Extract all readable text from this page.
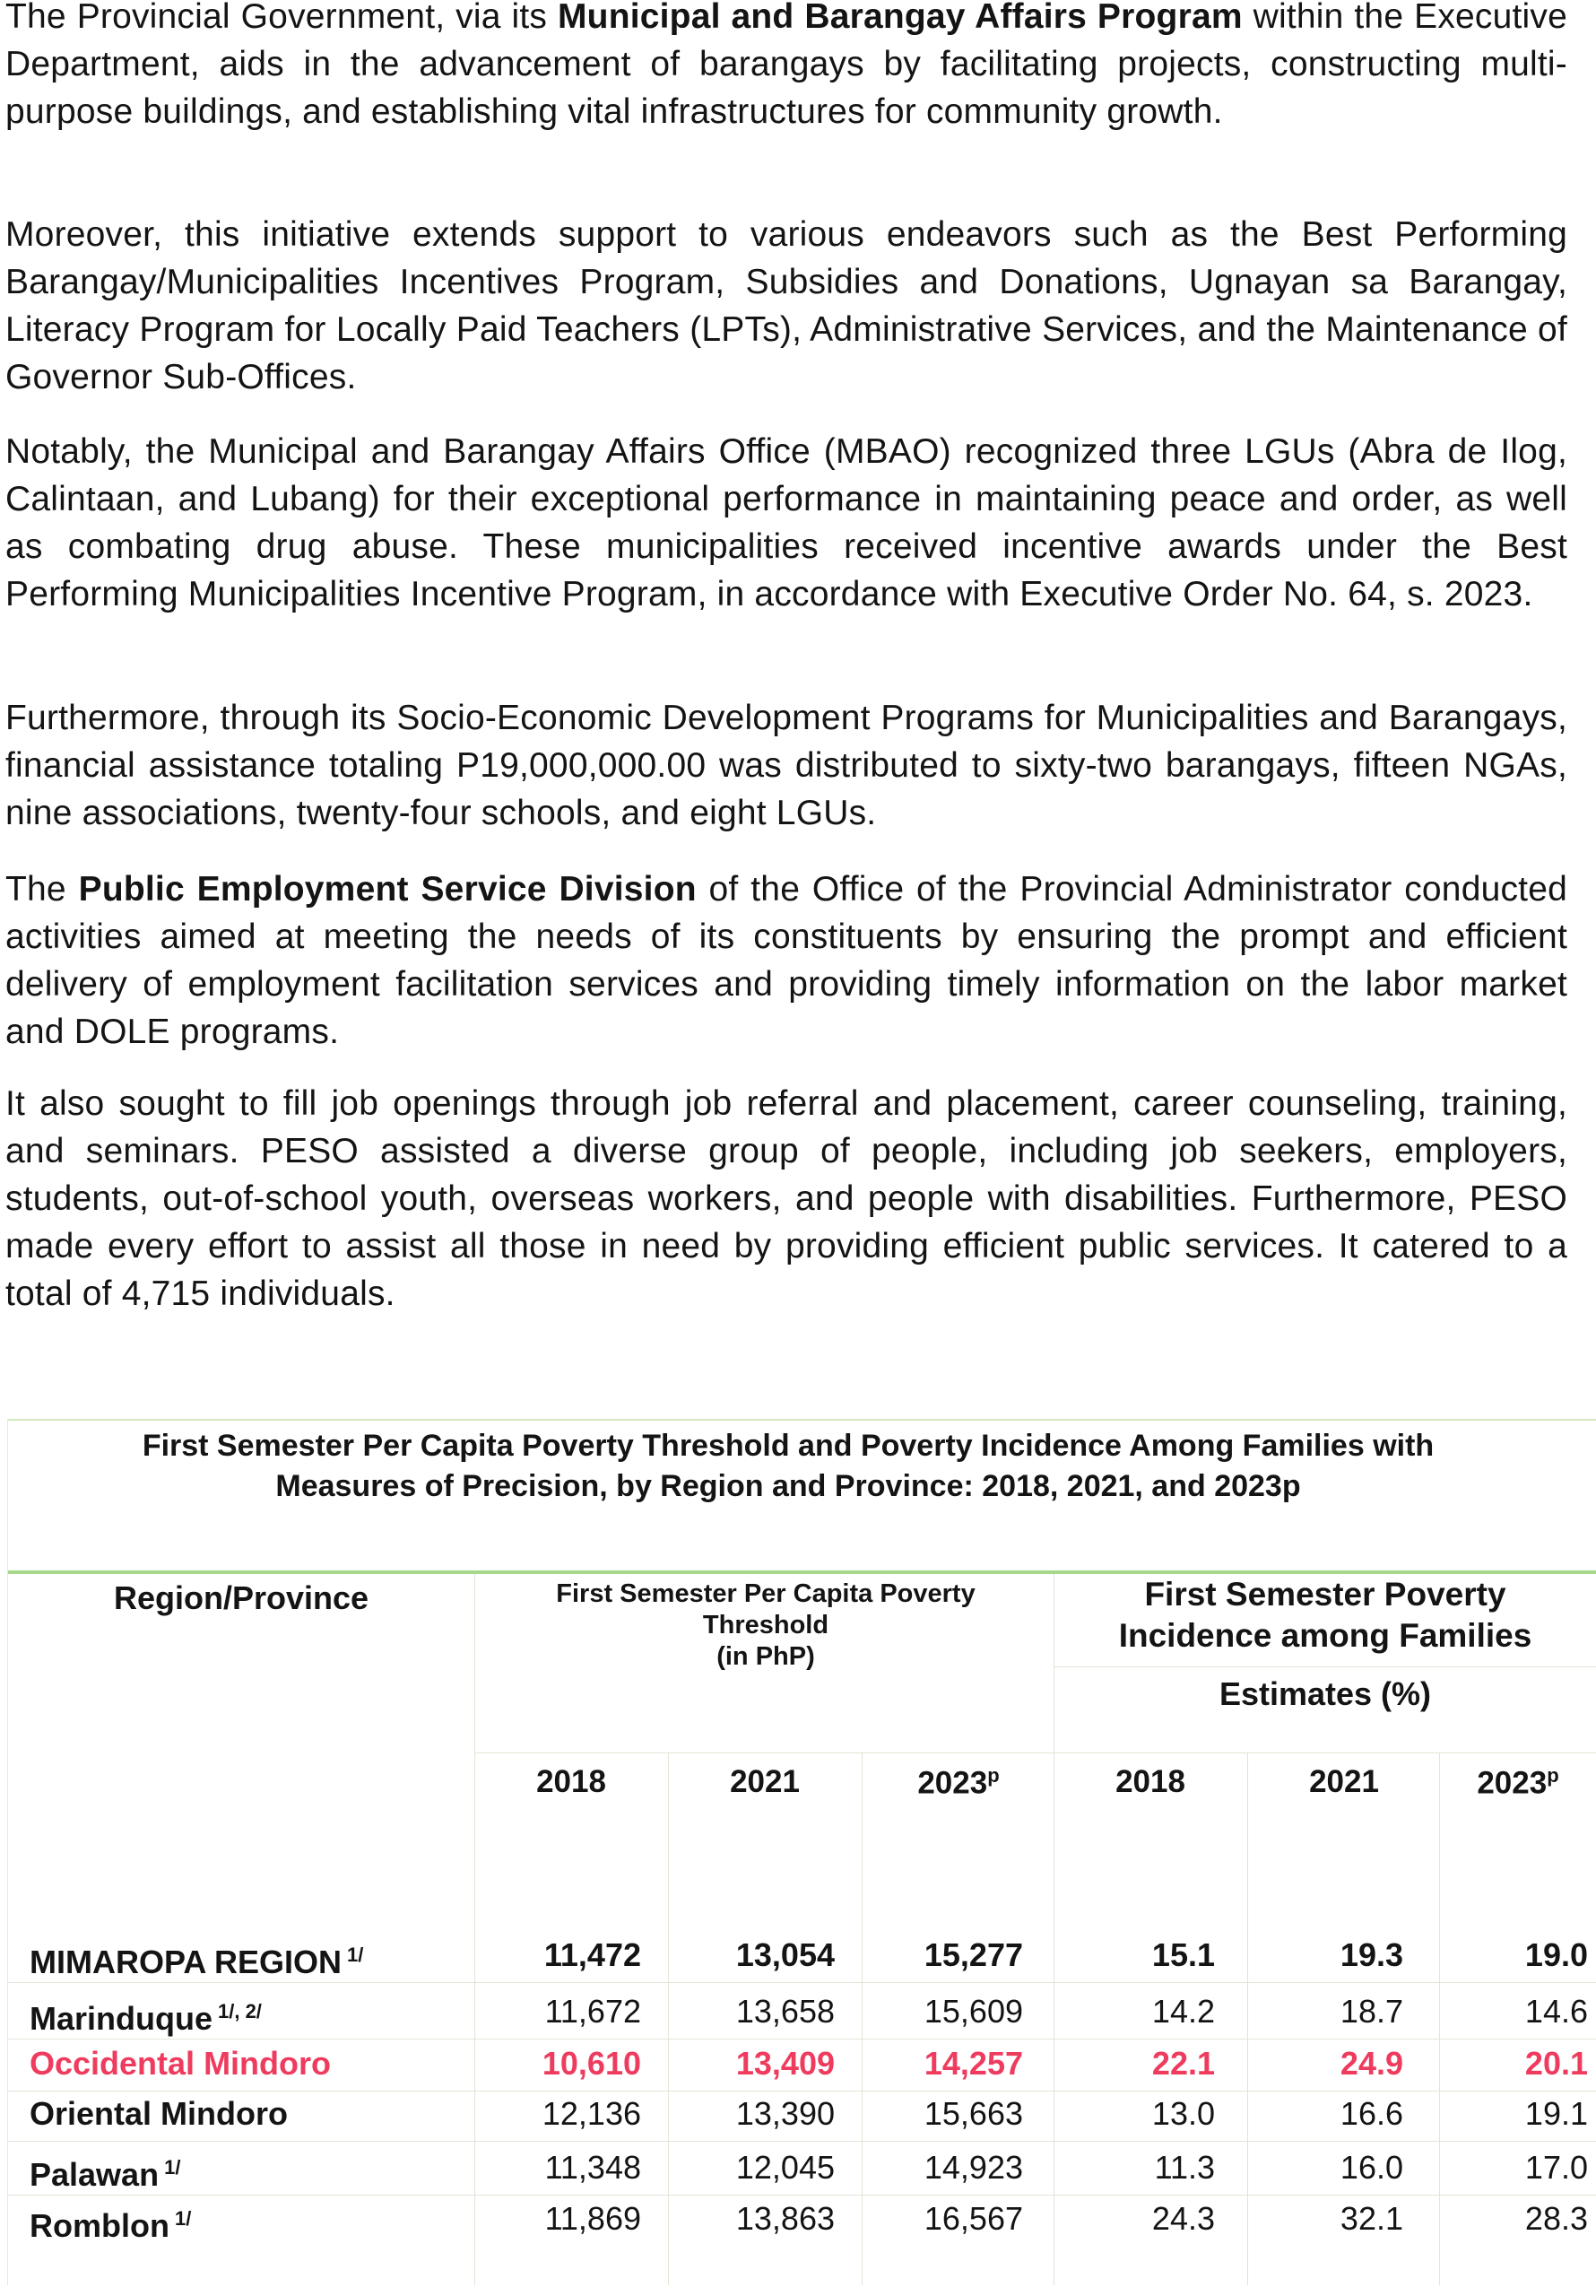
The Provincial Government, via its Municipal and Barangay Affairs Program within the Executive Department, aids in the advancement of barangays by facilitating projects, constructing multi-purpose buildings, and establishing vital infrastructures for community growth.

Moreover, this initiative extends support to various endeavors such as the Best Performing Barangay/Municipalities Incentives Program, Subsidies and Donations, Ugnayan sa Barangay, Literacy Program for Locally Paid Teachers (LPTs), Administrative Services, and the Maintenance of Governor Sub-Offices.

Notably, the Municipal and Barangay Affairs Office (MBAO) recognized three LGUs (Abra de Ilog, Calintaan, and Lubang) for their exceptional performance in maintaining peace and order, as well as combating drug abuse. These municipalities received incentive awards under the Best Performing Municipalities Incentive Program, in accordance with Executive Order No. 64, s. 2023.

Furthermore, through its Socio-Economic Development Programs for Municipalities and Barangays, financial assistance totaling P19,000,000.00 was distributed to sixty-two barangays, fifteen NGAs, nine associations, twenty-four schools, and eight LGUs.

The Public Employment Service Division of the Office of the Provincial Administrator conducted activities aimed at meeting the needs of its constituents by ensuring the prompt and efficient delivery of employment facilitation services and providing timely information on the labor market and DOLE programs.

It also sought to fill job openings through job referral and placement, career counseling, training, and seminars. PESO assisted a diverse group of people, including job seekers, employers, students, out-of-school youth, overseas workers, and people with disabilities. Furthermore, PESO made every effort to assist all those in need by providing efficient public services. It catered to a total of 4,715 individuals.

First Semester Per Capita Poverty Threshold and Poverty Incidence Among Families with
Measures of Precision, by Region and Province: 2018, 2021, and 2023p
Region/Province	First Semester Per Capita Poverty
Threshold
(in PhP)
First Semester Poverty
Incidence among Families
Estimates (%)
2018	2021	2023$^p$	2018	2021	2023$^p$
MIMAROPA REGION $^{1/}$	11,472	13,054	15,277	15.1	19.3	19.0
Marinduque $^{1/, 2/}$	11,672	13,658	15,609	14.2	18.7	14.6
Occidental Mindoro	10,610	13,409	14,257	22.1	24.9	20.1
Oriental Mindoro	12,136	13,390	15,663	13.0	16.6	19.1
Palawan $^{1/}$	11,348	12,045	14,923	11.3	16.0	17.0
Romblon $^{1/}$	11,869	13,863	16,567	24.3	32.1	28.3
